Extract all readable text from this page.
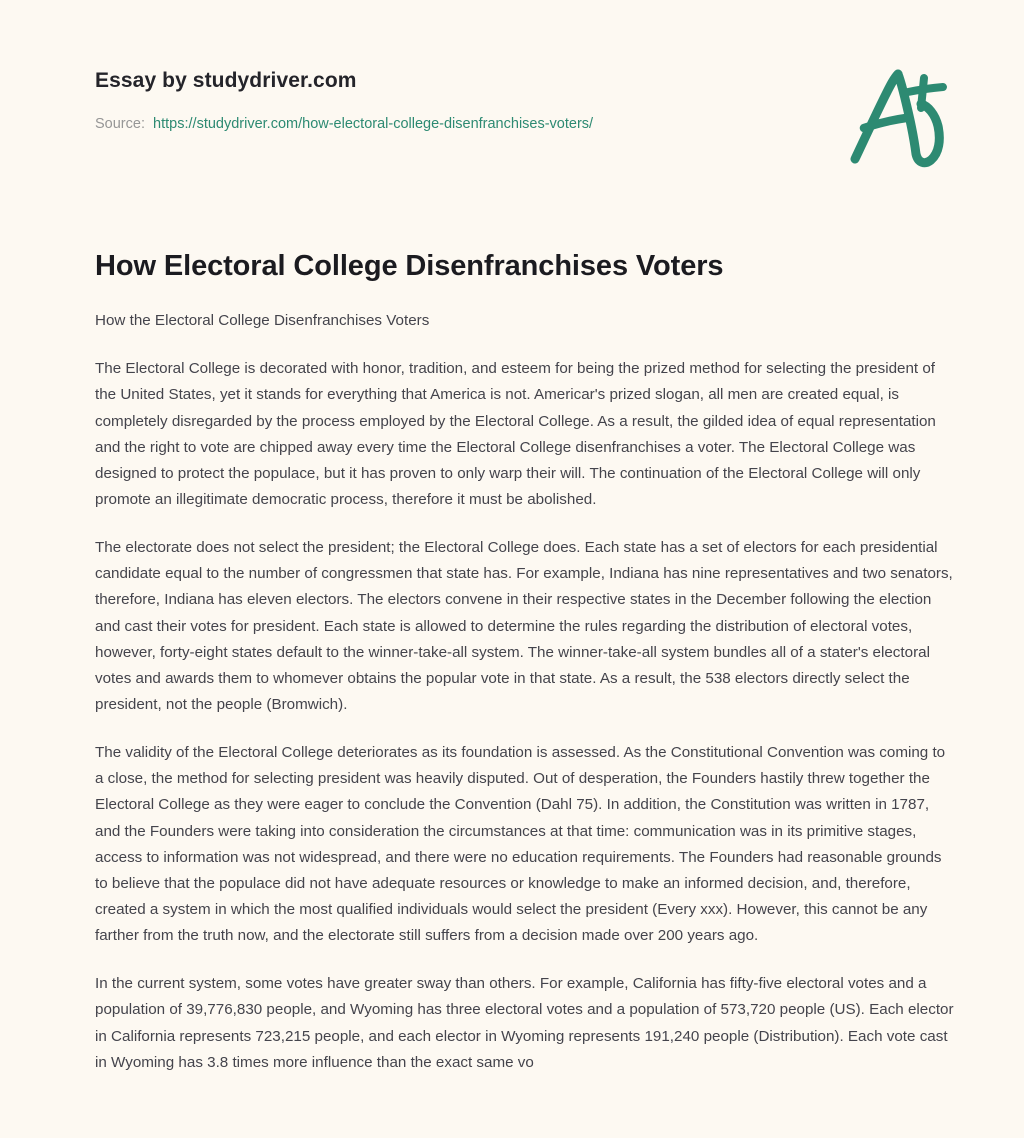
Essay by studydriver.com
Source: https://studydriver.com/how-electoral-college-disenfranchises-voters/
How Electoral College Disenfranchises Voters

How the Electoral College Disenfranchises Voters

The Electoral College is decorated with honor, tradition, and esteem for being the prized method for selecting the president of the United States, yet it stands for everything that America is not. Americar's prized slogan, all men are created equal, is completely disregarded by the process employed by the Electoral College. As a result, the gilded idea of equal representation and the right to vote are chipped away every time the Electoral College disenfranchises a voter. The Electoral College was designed to protect the populace, but it has proven to only warp their will. The continuation of the Electoral College will only promote an illegitimate democratic process, therefore it must be abolished.

The electorate does not select the president; the Electoral College does. Each state has a set of electors for each presidential candidate equal to the number of congressmen that state has. For example, Indiana has nine representatives and two senators, therefore, Indiana has eleven electors. The electors convene in their respective states in the December following the election and cast their votes for president. Each state is allowed to determine the rules regarding the distribution of electoral votes, however, forty-eight states default to the winner-take-all system. The winner-take-all system bundles all of a stater's electoral votes and awards them to whomever obtains the popular vote in that state. As a result, the 538 electors directly select the president, not the people (Bromwich).

The validity of the Electoral College deteriorates as its foundation is assessed. As the Constitutional Convention was coming to a close, the method for selecting president was heavily disputed. Out of desperation, the Founders hastily threw together the Electoral College as they were eager to conclude the Convention (Dahl 75). In addition, the Constitution was written in 1787, and the Founders were taking into consideration the circumstances at that time: communication was in its primitive stages, access to information was not widespread, and there were no education requirements. The Founders had reasonable grounds to believe that the populace did not have adequate resources or knowledge to make an informed decision, and, therefore, created a system in which the most qualified individuals would select the president (Every xxx). However, this cannot be any farther from the truth now, and the electorate still suffers from a decision made over 200 years ago.

In the current system, some votes have greater sway than others. For example, California has fifty-five electoral votes and a population of 39,776,830 people, and Wyoming has three electoral votes and a population of 573,720 people (US). Each elector in California represents 723,215 people, and each elector in Wyoming represents 191,240 people (Distribution). Each vote cast in Wyoming has 3.8 times more influence than the exact same vo
